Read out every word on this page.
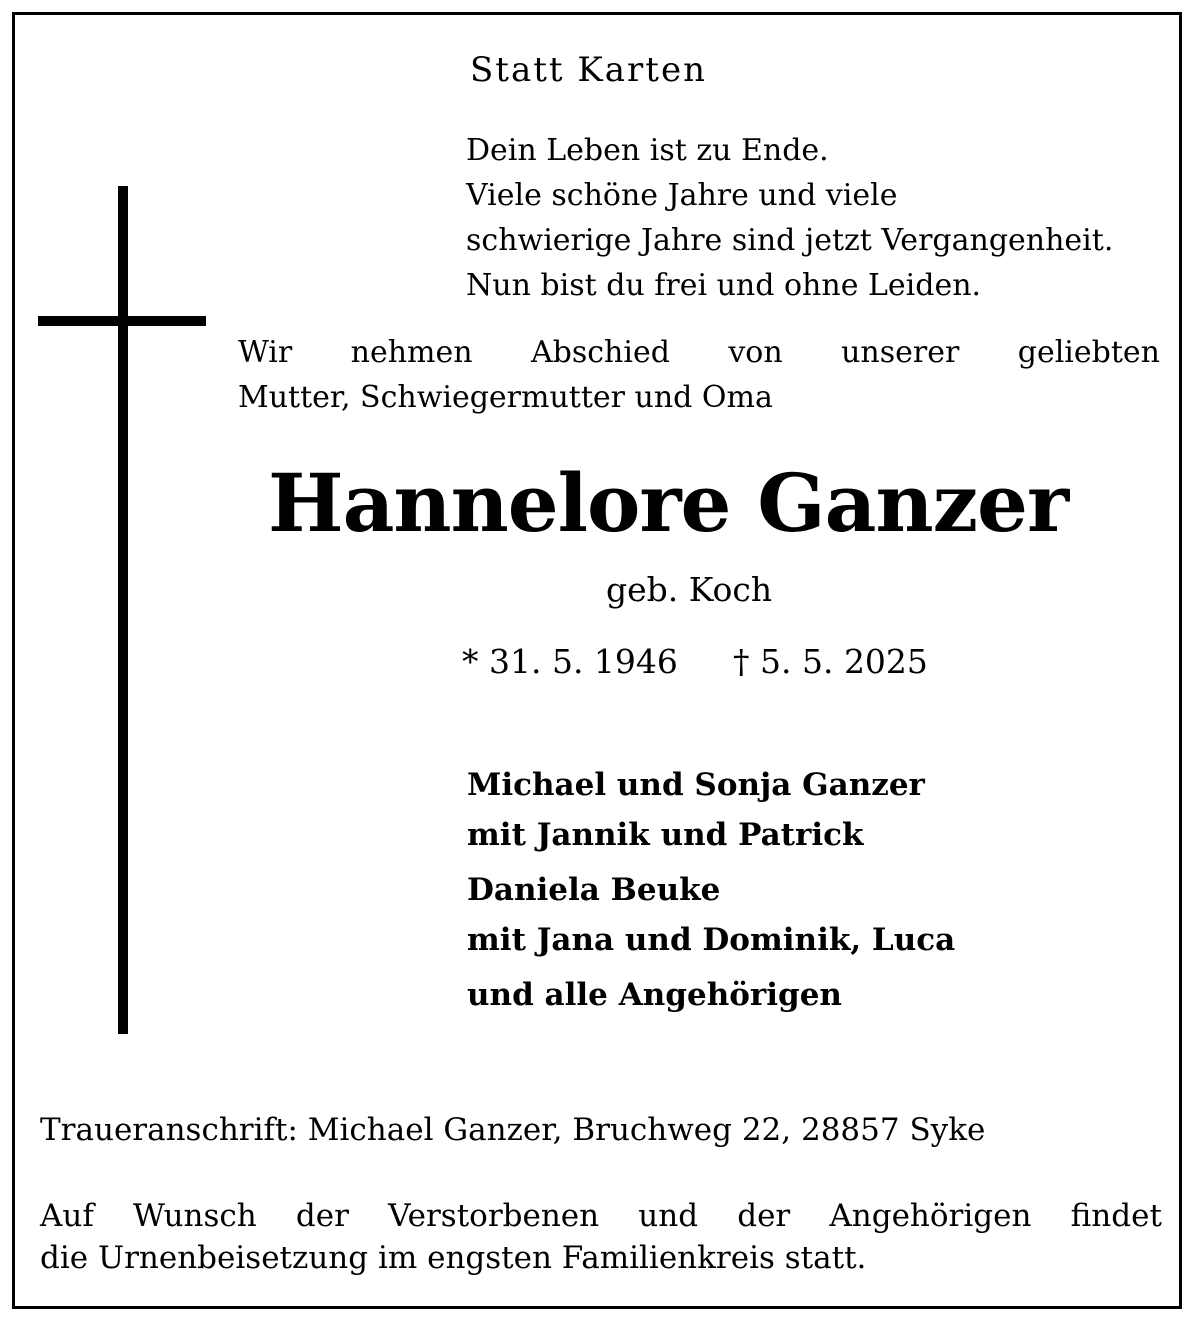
Statt Karten
Dein Leben ist zu Ende.
Viele schöne Jahre und viele
schwierige Jahre sind jetzt Vergangenheit.
Nun bist du frei und ohne Leiden.
Wir nehmen Abschied von unserer geliebten
Mutter, Schwiegermutter und Oma
Hannelore Ganzer
geb. Koch
* 31. 5. 1946 † 5. 5. 2025
Michael und Sonja Ganzer
mit Jannik und Patrick
Daniela Beuke
mit Jana und Dominik, Luca
und alle Angehörigen
Traueranschrift: Michael Ganzer, Bruchweg 22, 28857 Syke
Auf Wunsch der Verstorbenen und der Angehörigen findet
die Urnenbeisetzung im engsten Familienkreis statt.
